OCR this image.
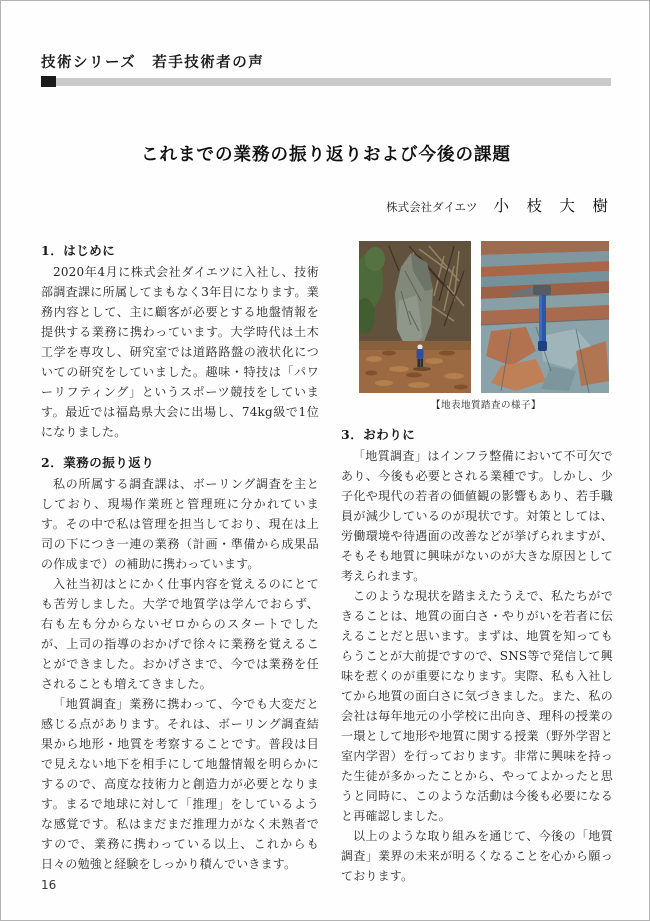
技術シリーズ　若手技術者の声
これまでの業務の振り返りおよび今後の課題
株式会社ダイエツ 小　枝　大　樹
1．はじめに

2020年4月に株式会社ダイエツに入社し、技術部調査課に所属してまもなく3年目になります。業務内容として、主に顧客が必要とする地盤情報を提供する業務に携わっています。大学時代は土木工学を専攻し、研究室では道路路盤の液状化についての研究をしていました。趣味・特技は「パワーリフティング」というスポーツ競技をしています。最近では福島県大会に出場し、74kg級で1位になりました。

2．業務の振り返り

私の所属する調査課は、ボーリング調査を主としており、現場作業班と管理班に分かれています。その中で私は管理を担当しており、現在は上司の下につき一連の業務（計画・準備から成果品の作成まで）の補助に携わっています。

入社当初はとにかく仕事内容を覚えるのにとても苦労しました。大学で地質学は学んでおらず、右も左も分からないゼロからのスタートでしたが、上司の指導のおかげで徐々に業務を覚えることができました。おかげさまで、今では業務を任されることも増えてきました。

「地質調査」業務に携わって、今でも大変だと感じる点があります。それは、ボーリング調査結果から地形・地質を考察することです。普段は目で見えない地下を相手にして地盤情報を明らかにするので、高度な技術力と創造力が必要となります。まるで地球に対して「推理」をしているような感覚です。私はまだまだ推理力がなく未熟者ですので、業務に携わっている以上、これからも日々の勉強と経験をしっかり積んでいきます。

【地表地質踏査の様子】
3．おわりに

「地質調査」はインフラ整備において不可欠であり、今後も必要とされる業種です。しかし、少子化や現代の若者の価値観の影響もあり、若手職員が減少しているのが現状です。対策としては、労働環境や待遇面の改善などが挙げられますが、そもそも地質に興味がないのが大きな原因として考えられます。

このような現状を踏まえたうえで、私たちができることは、地質の面白さ・やりがいを若者に伝えることだと思います。まずは、地質を知ってもらうことが大前提ですので、SNS等で発信して興味を惹くのが重要になります。実際、私も入社してから地質の面白さに気づきました。また、私の会社は毎年地元の小学校に出向き、理科の授業の一環として地形や地質に関する授業（野外学習と室内学習）を行っております。非常に興味を持った生徒が多かったことから、やってよかったと思うと同時に、このような活動は今後も必要になると再確認しました。

以上のような取り組みを通じて、今後の「地質調査」業界の未来が明るくなることを心から願っております。

16
